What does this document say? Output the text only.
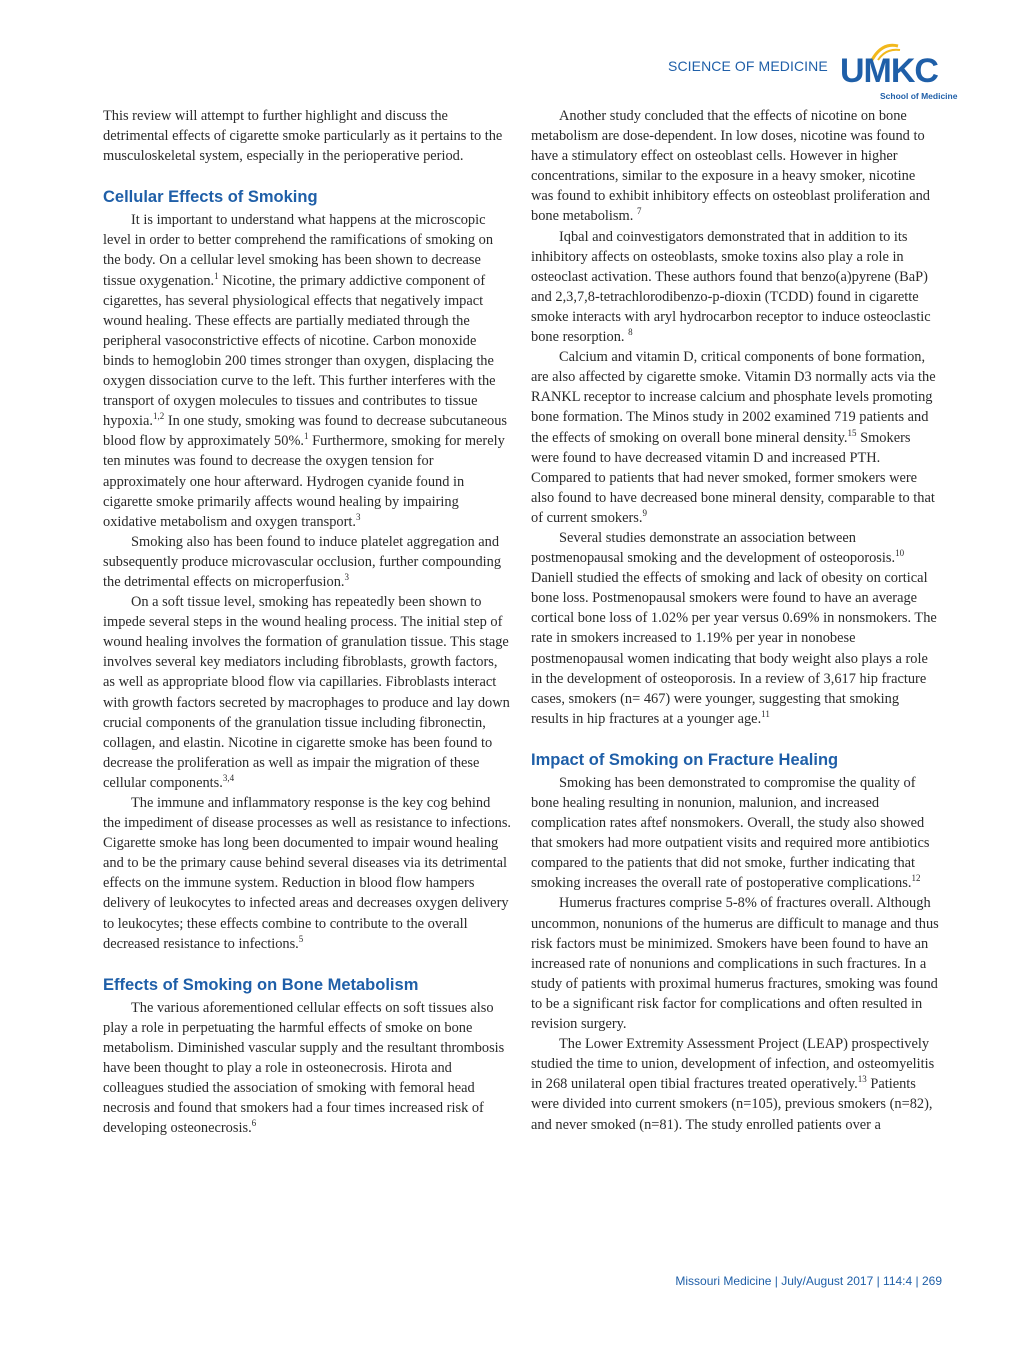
SCIENCE OF MEDICINE UMKC
School of Medicine

This review will attempt to further highlight and discuss the detrimental effects of cigarette smoke particularly as it pertains to the musculoskeletal system, especially in the perioperative period.

Cellular Effects of Smoking

It is important to understand what happens at the microscopic level in order to better comprehend the ramifications of smoking on the body. On a cellular level smoking has been shown to decrease tissue oxygenation.$^1$ Nicotine, the primary addictive component of cigarettes, has several physiological effects that negatively impact wound healing. These effects are partially mediated through the peripheral vasoconstrictive effects of nicotine. Carbon monoxide binds to hemoglobin 200 times stronger than oxygen, displacing the oxygen dissociation curve to the left. This further interferes with the transport of oxygen molecules to tissues and contributes to tissue hypoxia.$^{1,2}$ In one study, smoking was found to decrease subcutaneous blood flow by approximately 50%.$^1$ Furthermore, smoking for merely ten minutes was found to decrease the oxygen tension for approximately one hour afterward. Hydrogen cyanide found in cigarette smoke primarily affects wound healing by impairing oxidative metabolism and oxygen transport.$^3$

Smoking also has been found to induce platelet aggregation and subsequently produce microvascular occlusion, further compounding the detrimental effects on microperfusion.$^3$

On a soft tissue level, smoking has repeatedly been shown to impede several steps in the wound healing process. The initial step of wound healing involves the formation of granulation tissue. This stage involves several key mediators including fibroblasts, growth factors, as well as appropriate blood flow via capillaries. Fibroblasts interact with growth factors secreted by macrophages to produce and lay down crucial components of the granulation tissue including fibronectin, collagen, and elastin. Nicotine in cigarette smoke has been found to decrease the proliferation as well as impair the migration of these cellular components.$^{3,4}$

The immune and inflammatory response is the key cog behind the impediment of disease processes as well as resistance to infections. Cigarette smoke has long been documented to impair wound healing and to be the primary cause behind several diseases via its detrimental effects on the immune system. Reduction in blood flow hampers delivery of leukocytes to infected areas and decreases oxygen delivery to leukocytes; these effects combine to contribute to the overall decreased resistance to infections.$^5$

Effects of Smoking on Bone Metabolism

The various aforementioned cellular effects on soft tissues also play a role in perpetuating the harmful effects of smoke on bone metabolism. Diminished vascular supply and the resultant thrombosis have been thought to play a role in osteonecrosis. Hirota and colleagues studied the association of smoking with femoral head necrosis and found that smokers had a four times increased risk of developing osteonecrosis.$^6$

Another study concluded that the effects of nicotine on bone metabolism are dose-dependent. In low doses, nicotine was found to have a stimulatory effect on osteoblast cells. However in higher concentrations, similar to the exposure in a heavy smoker, nicotine was found to exhibit inhibitory effects on osteoblast proliferation and bone metabolism. $^7$

Iqbal and coinvestigators demonstrated that in addition to its inhibitory affects on osteoblasts, smoke toxins also play a role in osteoclast activation. These authors found that benzo(a)pyrene (BaP) and 2,3,7,8-tetrachlorodibenzo-p-dioxin (TCDD) found in cigarette smoke interacts with aryl hydrocarbon receptor to induce osteoclastic bone resorption. $^8$

Calcium and vitamin D, critical components of bone formation, are also affected by cigarette smoke. Vitamin D3 normally acts via the RANKL receptor to increase calcium and phosphate levels promoting bone formation. The Minos study in 2002 examined 719 patients and the effects of smoking on overall bone mineral density.$^{15}$ Smokers were found to have decreased vitamin D and increased PTH. Compared to patients that had never smoked, former smokers were also found to have decreased bone mineral density, comparable to that of current smokers.$^9$

Several studies demonstrate an association between postmenopausal smoking and the development of osteoporosis.$^{10}$ Daniell studied the effects of smoking and lack of obesity on cortical bone loss. Postmenopausal smokers were found to have an average cortical bone loss of 1.02% per year versus 0.69% in nonsmokers. The rate in smokers increased to 1.19% per year in nonobese postmenopausal women indicating that body weight also plays a role in the development of osteoporosis. In a review of 3,617 hip fracture cases, smokers (n= 467) were younger, suggesting that smoking results in hip fractures at a younger age.$^{11}$

Impact of Smoking on Fracture Healing

Smoking has been demonstrated to compromise the quality of bone healing resulting in nonunion, malunion, and increased complication rates aftef nonsmokers. Overall, the study also showed that smokers had more outpatient visits and required more antibiotics compared to the patients that did not smoke, further indicating that smoking increases the overall rate of postoperative complications.$^{12}$

Humerus fractures comprise 5-8% of fractures overall. Although uncommon, nonunions of the humerus are difficult to manage and thus risk factors must be minimized. Smokers have been found to have an increased rate of nonunions and complications in such fractures. In a study of patients with proximal humerus fractures, smoking was found to be a significant risk factor for complications and often resulted in revision surgery.

The Lower Extremity Assessment Project (LEAP) prospectively studied the time to union, development of infection, and osteomyelitis in 268 unilateral open tibial fractures treated operatively.$^{13}$ Patients were divided into current smokers (n=105), previous smokers (n=82), and never smoked (n=81). The study enrolled patients over a

Missouri Medicine | July/August 2017 | 114:4 | 269
